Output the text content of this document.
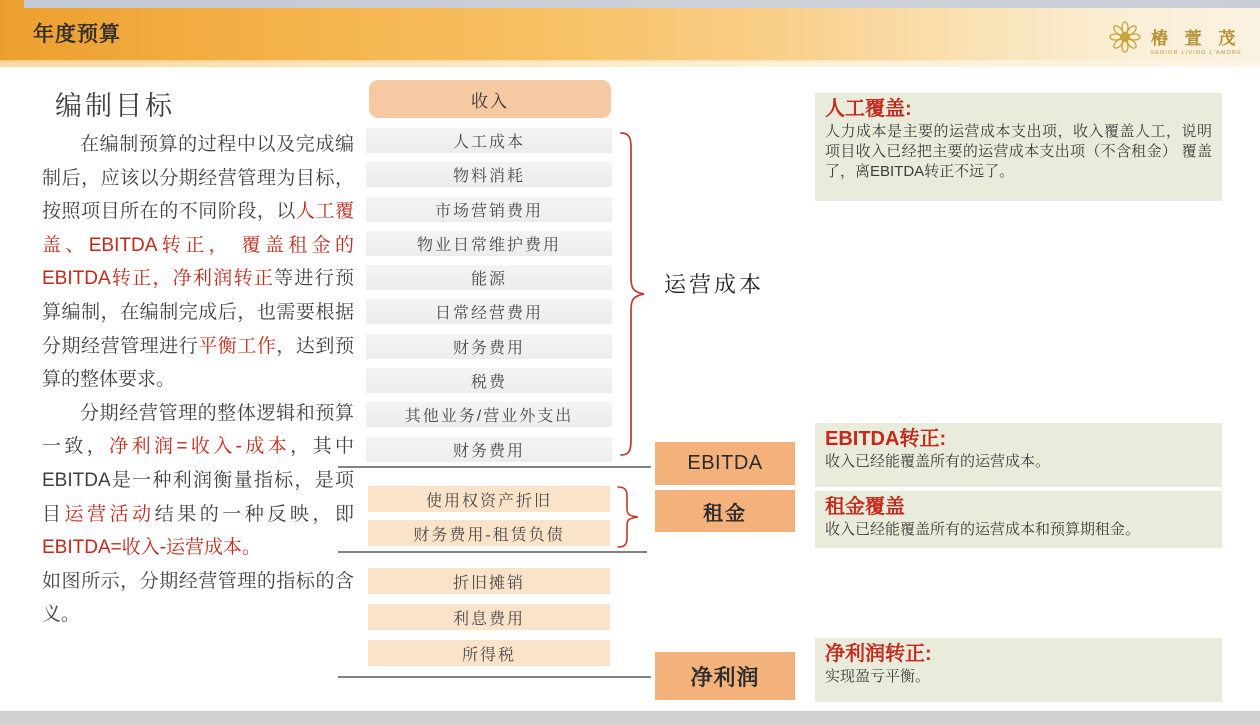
年度预算	椿 萱 茂
SENIOR LIVING L'AMORE
编制目标

在编制预算的过程中以及完成编制后，应该以分期经营管理为目标，按照项目所在的不同阶段，以人工覆盖、EBITDA转正， 覆盖租金的EBITDA转正，净利润转正等进行预算编制，在编制完成后，也需要根据分期经营管理进行平衡工作，达到预算的整体要求。

分期经营管理的整体逻辑和预算一致，净利润=收入-成本，其中EBITDA是一种利润衡量指标，是项目运营活动结果的一种反映，即EBITDA=收入-运营成本。

如图所示，分期经营管理的指标的含义。

收入
人工成本
物料消耗
市场营销费用
物业日常维护费用
能源
日常经营费用
财务费用
税费
其他业务/营业外支出
财务费用
运营成本
使用权资产折旧
财务费用-租赁负债
折旧摊销
利息费用
所得税
EBITDA
租金
净利润
人工覆盖:
人力成本是主要的运营成本支出项，收入覆盖人工，说明项目收入已经把主要的运营成本支出项（不含租金） 覆盖了，离EBITDA转正不远了。
EBITDA转正:
收入已经能覆盖所有的运营成本。
租金覆盖
收入已经能覆盖所有的运营成本和预算期租金。
净利润转正:
实现盈亏平衡。
